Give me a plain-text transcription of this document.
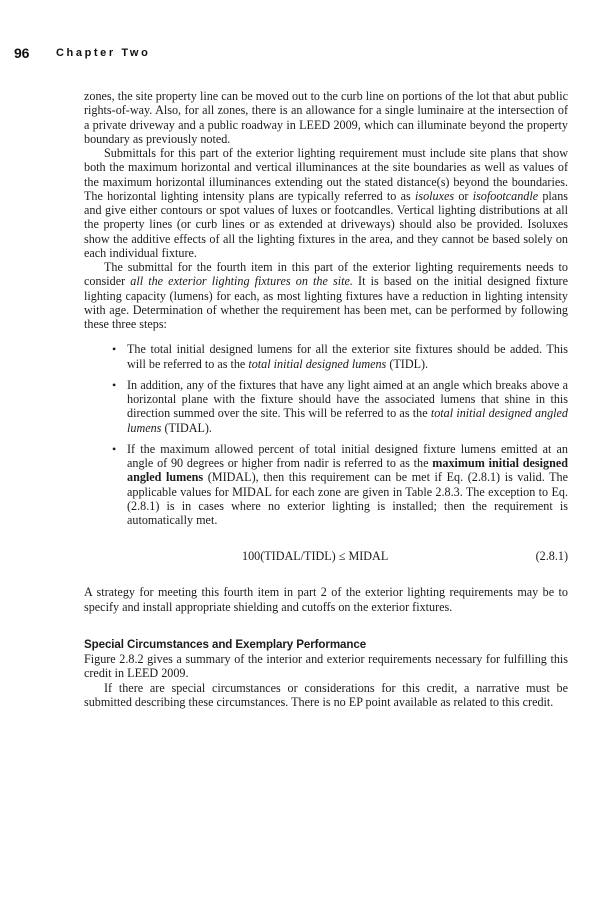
96 Chapter Two

zones, the site property line can be moved out to the curb line on portions of the lot that abut public rights-of-way. Also, for all zones, there is an allowance for a single luminaire at the intersection of a private driveway and a public roadway in LEED 2009, which can illuminate beyond the property boundary as previously noted.

Submittals for this part of the exterior lighting requirement must include site plans that show both the maximum horizontal and vertical illuminances at the site boundaries as well as values of the maximum horizontal illuminances extending out the stated distance(s) beyond the boundaries. The horizontal lighting intensity plans are typically referred to as isoluxes or isofootcandle plans and give either contours or spot values of luxes or footcandles. Vertical lighting distributions at all the property lines (or curb lines or as extended at driveways) should also be provided. Isoluxes show the additive effects of all the lighting fixtures in the area, and they cannot be based solely on each individual fixture.

The submittal for the fourth item in this part of the exterior lighting requirements needs to consider all the exterior lighting fixtures on the site. It is based on the initial designed fixture lighting capacity (lumens) for each, as most lighting fixtures have a reduction in lighting intensity with age. Determination of whether the requirement has been met, can be performed by following these three steps:

• The total initial designed lumens for all the exterior site fixtures should be added. This will be referred to as the total initial designed lumens (TIDL).
• In addition, any of the fixtures that have any light aimed at an angle which breaks above a horizontal plane with the fixture should have the associated lumens that shine in this direction summed over the site. This will be referred to as the total initial designed angled lumens (TIDAL).
• If the maximum allowed percent of total initial designed fixture lumens emitted at an angle of 90 degrees or higher from nadir is referred to as the maximum initial designed angled lumens (MIDAL), then this requirement can be met if Eq. (2.8.1) is valid. The applicable values for MIDAL for each zone are given in Table 2.8.3. The exception to Eq. (2.8.1) is in cases where no exterior lighting is installed; then the requirement is automatically met.
100(TIDAL/TIDL) ≤ MIDAL	(2.8.1)

A strategy for meeting this fourth item in part 2 of the exterior lighting requirements may be to specify and install appropriate shielding and cutoffs on the exterior fixtures.

Special Circumstances and Exemplary Performance

Figure 2.8.2 gives a summary of the interior and exterior requirements necessary for fulfilling this credit in LEED 2009.

If there are special circumstances or considerations for this credit, a narrative must be submitted describing these circumstances. There is no EP point available as related to this credit.
